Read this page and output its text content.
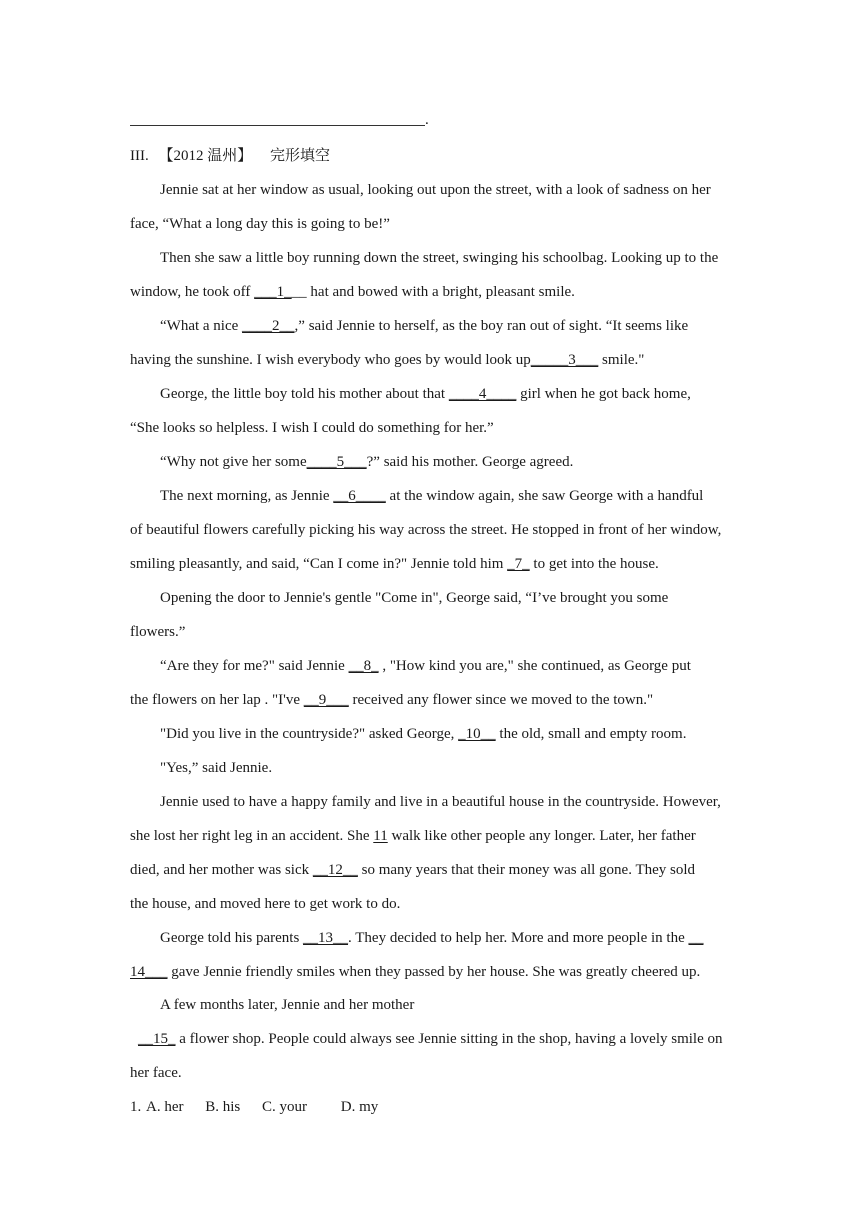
.
III. 【2012 温州】 完形填空
Jennie sat at her window as usual, looking out upon the street, with a look of sadness on her
face, “What a long day this is going to be!”
Then she saw a little boy running down the street, swinging his schoolbag. Looking up to the
window, he took off ___1___ hat and bowed with a bright, pleasant smile.
“What a nice ____2__,” said Jennie to herself, as the boy ran out of sight. “It seems like
having the sunshine. I wish everybody who goes by would look up_____3___ smile."
George, the little boy told his mother about that ____4____ girl when he got back home,
“She looks so helpless. I wish I could do something for her.”
“Why not give her some____5___?” said his mother. George agreed.
The next morning, as Jennie __6____ at the window again, she saw George with a handful
of beautiful flowers carefully picking his way across the street. He stopped in front of her window,
smiling pleasantly, and said, “Can I come in?" Jennie told him _7_ to get into the house.
Opening the door to Jennie's gentle "Come in", George said, “I’ve brought you some
flowers.”
“Are they for me?" said Jennie __8_ , "How kind you are," she continued, as George put
the flowers on her lap . "I've __9___ received any flower since we moved to the town."
"Did you live in the countryside?" asked George, _10__ the old, small and empty room.
"Yes,” said Jennie.
Jennie used to have a happy family and live in a beautiful house in the countryside. However,
she lost her right leg in an accident. She 11 walk like other people any longer. Later, her father
died, and her mother was sick __12__ so many years that their money was all gone. They sold
the house, and moved here to get work to do.
George told his parents __13__. They decided to help her. More and more people in the __
14___ gave Jennie friendly smiles when they passed by her house. She was greatly cheered up.
A few months later, Jennie and her mother
__15_ a flower shop. People could always see Jennie sitting in the shop, having a lovely smile on
her face.
1. A. her B. his C. your D. my
